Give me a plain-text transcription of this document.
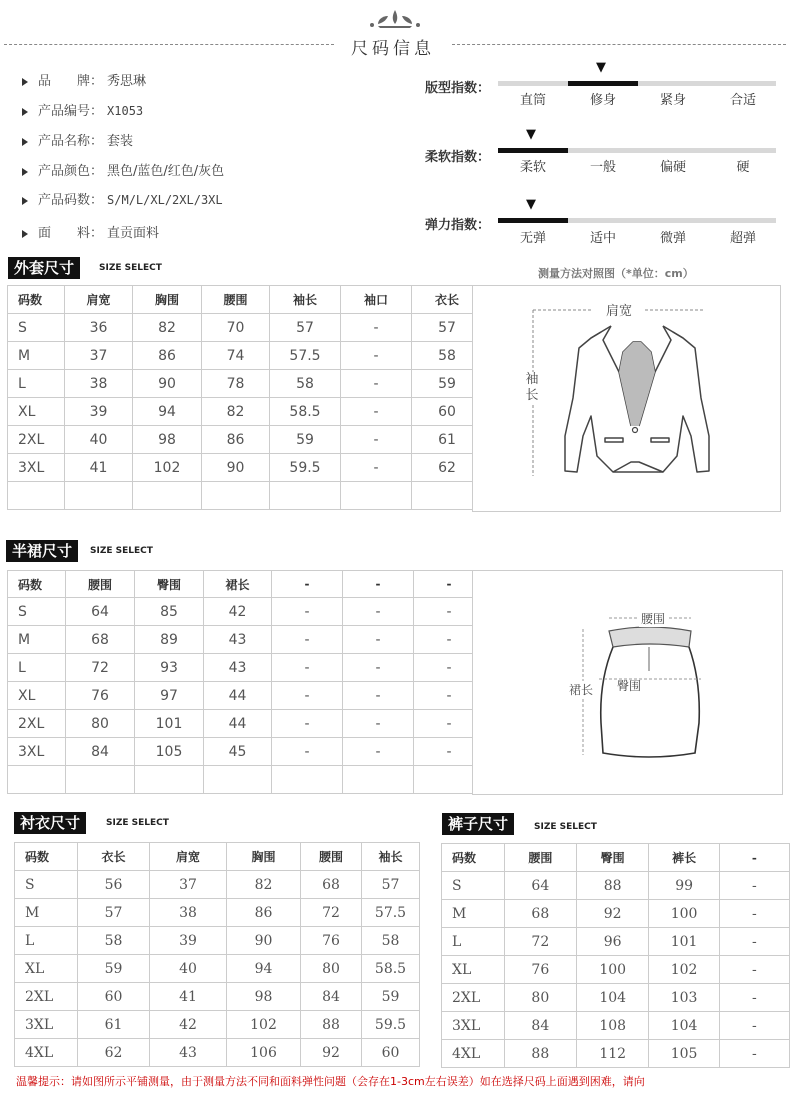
尺码信息
品　　牌： 秀思琳
产品编号： X1053
产品名称： 套装
产品颜色： 黑色/蓝色/红色/灰色
产品码数： S/M/L/XL/2XL/3XL
面　　料： 直贡面料
版型指数：
▼
直筒	修身	紧身	合适
柔软指数：
▼
柔软	一般	偏硬	硬
弹力指数：
▼
无弹	适中	微弹	超弹
外套尺寸	SIZE SELECT	测量方法对照图（*单位：cm）
码数	肩宽	胸围	腰围	袖长	袖口	衣长
S	36	82	70	57	-	57
M	37	86	74	57.5	-	58
L	38	90	78	58	-	59
XL	39	94	82	58.5	-	60
2XL	40	98	86	59	-	61
3XL	41	102	90	59.5	-	62

肩宽
袖长
半裙尺寸	SIZE SELECT
码数	腰围	臀围	裙长	-	-	-
S	64	85	42	-	-	-
M	68	89	43	-	-	-
L	72	93	43	-	-	-
XL	76	97	44	-	-	-
2XL	80	101	44	-	-	-
3XL	84	105	45	-	-	-

腰围
臀围
裙长
衬衣尺寸	SIZE SELECT
码数	衣长	肩宽	胸围	腰围	袖长
S	56	37	82	68	57
M	57	38	86	72	57.5
L	58	39	90	76	58
XL	59	40	94	80	58.5
2XL	60	41	98	84	59
3XL	61	42	102	88	59.5
4XL	62	43	106	92	60
裤子尺寸	SIZE SELECT
码数	腰围	臀围	裤长	-
S	64	88	99	-
M	68	92	100	-
L	72	96	101	-
XL	76	100	102	-
2XL	80	104	103	-
3XL	84	108	104	-
4XL	88	112	105	-
温馨提示：请如图所示平铺测量，由于测量方法不同和面料弹性问题（会存在1-3cm左右误差）如在选择尺码上面遇到困难，请向
